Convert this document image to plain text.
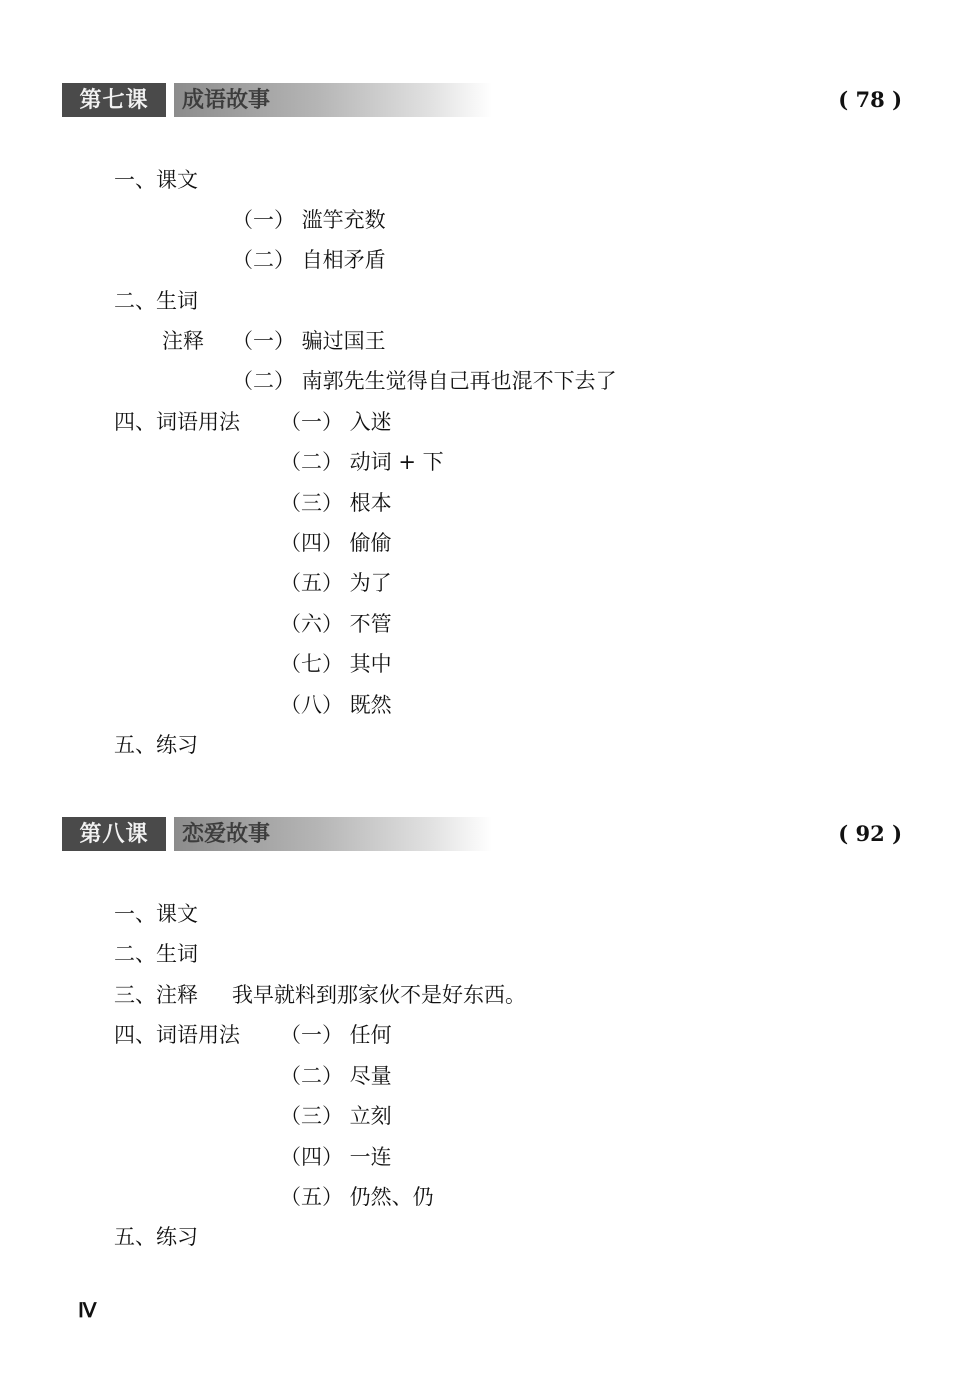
第七课	成语故事	( 78 )
一、课文
（一） 滥竽充数
（二） 自相矛盾
二、生词
注释 （一） 骗过国王
（二） 南郭先生觉得自己再也混不下去了
四、词语用法 （一） 入迷
（二） 动词 + 下
（三） 根本
（四） 偷偷
（五） 为了
（六） 不管
（七） 其中
（八） 既然
五、练习
第八课	恋爱故事	( 92 )
一、课文
二、生词
三、注释 我早就料到那家伙不是好东西。
四、词语用法 （一） 任何
（二） 尽量
（三） 立刻
（四） 一连
（五） 仍然、仍
五、练习
Ⅳ
